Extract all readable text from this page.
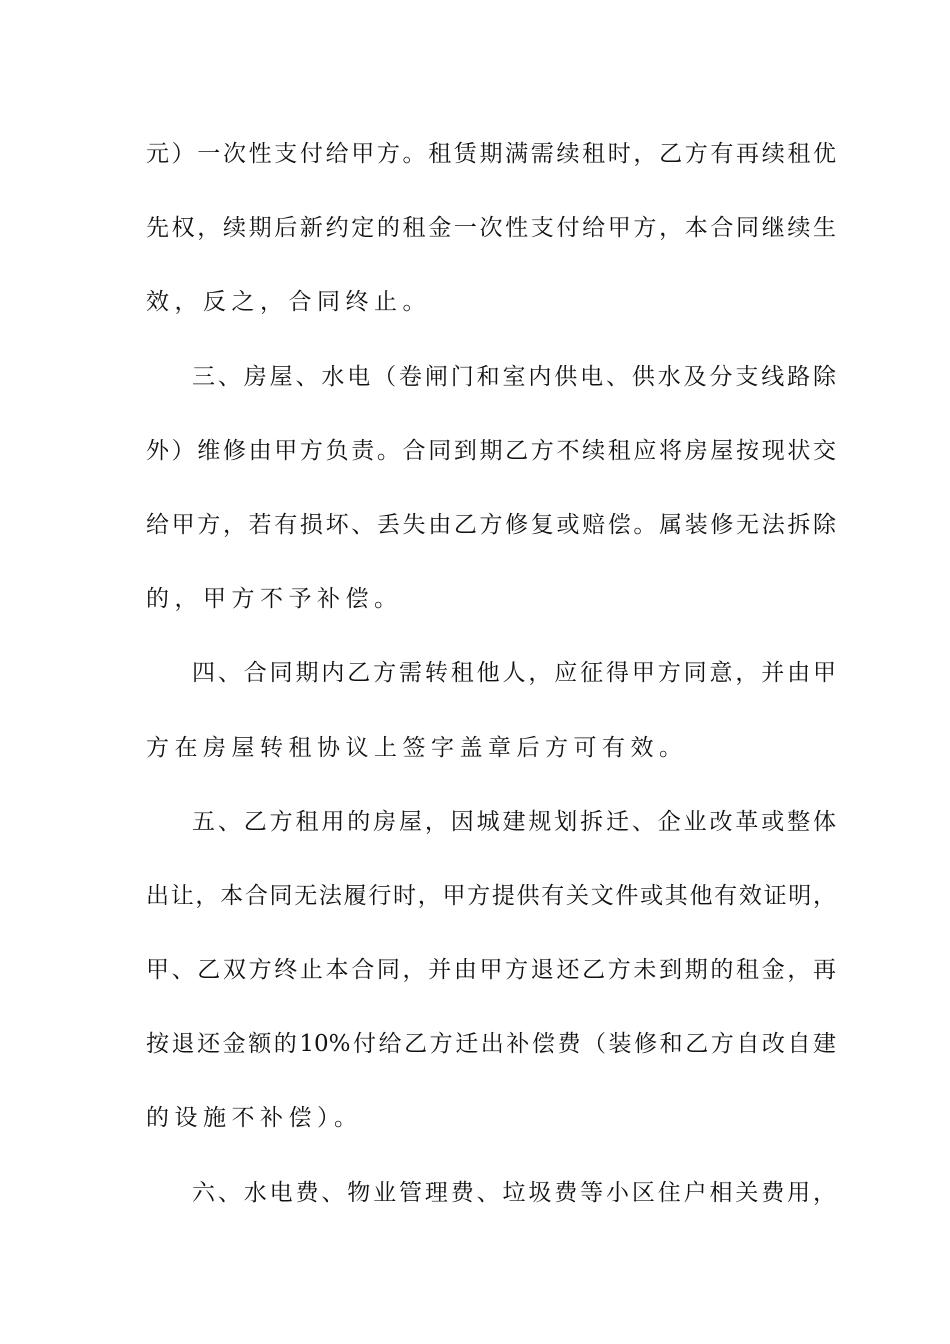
元）一次性支付给甲方。租赁期满需续租时，乙方有再续租优
先权，续期后新约定的租金一次性支付给甲方，本合同继续生
效，反之，合同终止。
三、房屋、水电（卷闸门和室内供电、供水及分支线路除
外）维修由甲方负责。合同到期乙方不续租应将房屋按现状交
给甲方，若有损坏、丢失由乙方修复或赔偿。属装修无法拆除
的，甲方不予补偿。
四、合同期内乙方需转租他人，应征得甲方同意，并由甲
方在房屋转租协议上签字盖章后方可有效。
五、乙方租用的房屋，因城建规划拆迁、企业改革或整体
出让，本合同无法履行时，甲方提供有关文件或其他有效证明，
甲、乙双方终止本合同，并由甲方退还乙方未到期的租金，再
按退还金额的10%付给乙方迁出补偿费（装修和乙方自改自建
的设施不补偿）。
六、水电费、物业管理费、垃圾费等小区住户相关费用，
